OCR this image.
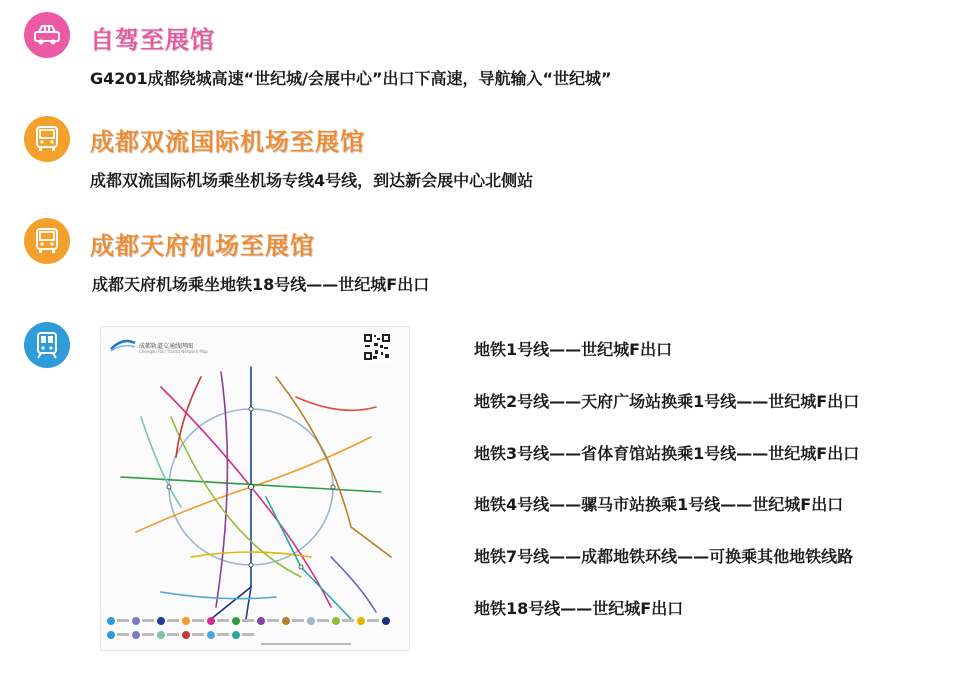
自驾至展馆
G4201成都绕城高速“世纪城/会展中心”出口下高速，导航输入“世纪城”
成都双流国际机场至展馆
成都双流国际机场乘坐机场专线4号线，到达新会展中心北侧站
成都天府机场至展馆
成都天府机场乘坐地铁18号线——世纪城F出口
成都轨道交通线网图
Chengdu Rail Transit Network Map	地铁1号线——世纪城F出口
地铁2号线——天府广场站换乘1号线——世纪城F出口
地铁3号线——省体育馆站换乘1号线——世纪城F出口
地铁4号线——骡马市站换乘1号线——世纪城F出口
地铁7号线——成都地铁环线——可换乘其他地铁线路
地铁18号线——世纪城F出口
